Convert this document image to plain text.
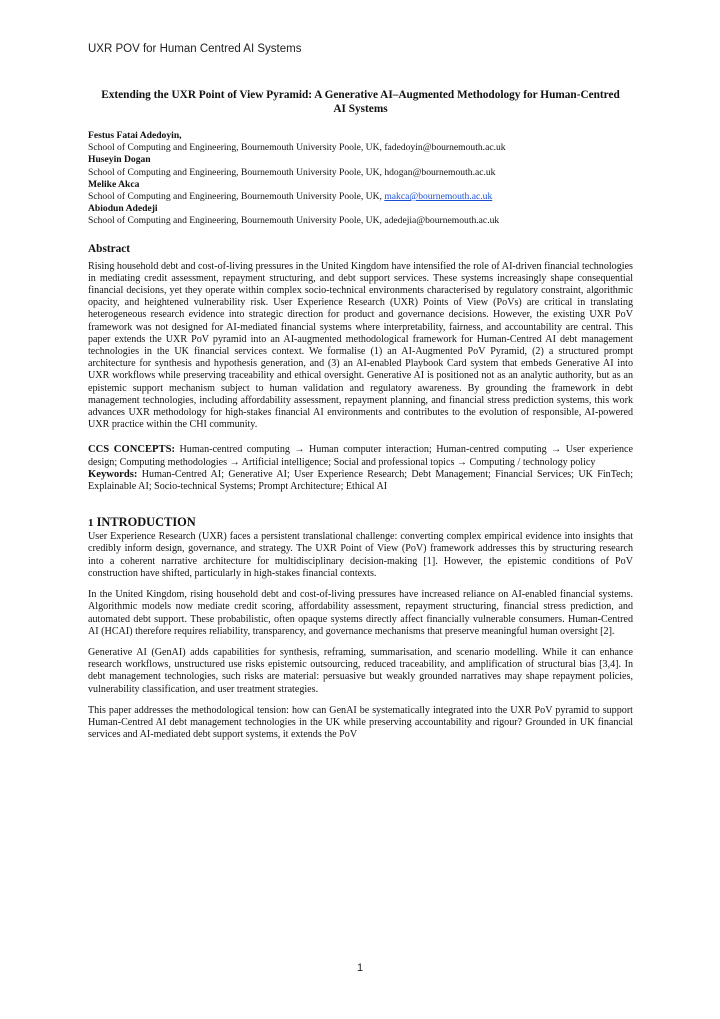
UXR POV for Human Centred AI Systems
Extending the UXR Point of View Pyramid: A Generative AI–Augmented Methodology for Human-Centred AI Systems
Festus Fatai Adedoyin,
School of Computing and Engineering, Bournemouth University Poole, UK, fadedoyin@bournemouth.ac.uk
Huseyin Dogan
School of Computing and Engineering, Bournemouth University Poole, UK, hdogan@bournemouth.ac.uk
Melike Akca
School of Computing and Engineering, Bournemouth University Poole, UK, makca@bournemouth.ac.uk
Abiodun Adedeji
School of Computing and Engineering, Bournemouth University Poole, UK, adedejia@bournemouth.ac.uk
Abstract

Rising household debt and cost-of-living pressures in the United Kingdom have intensified the role of AI-driven financial technologies in mediating credit assessment, repayment structuring, and debt support services. These systems increasingly shape consequential financial decisions, yet they operate within complex socio-technical environments characterised by regulatory constraint, algorithmic opacity, and heightened vulnerability risk. User Experience Research (UXR) Points of View (PoVs) are critical in translating heterogeneous research evidence into strategic direction for product and governance decisions. However, the existing UXR PoV framework was not designed for AI-mediated financial systems where interpretability, fairness, and accountability are central. This paper extends the UXR PoV pyramid into an AI-augmented methodological framework for Human-Centred AI debt management technologies in the UK financial services context. We formalise (1) an AI-Augmented PoV Pyramid, (2) a structured prompt architecture for synthesis and hypothesis generation, and (3) an AI-enabled Playbook Card system that embeds Generative AI into UXR workflows while preserving traceability and ethical oversight. Generative AI is positioned not as an analytic authority, but as an epistemic support mechanism subject to human validation and regulatory awareness. By grounding the framework in debt management technologies, including affordability assessment, repayment planning, and financial stress prediction systems, this work advances UXR methodology for high-stakes financial AI environments and contributes to the evolution of responsible, AI-powered UXR practice within the CHI community.

CCS CONCEPTS: Human-centred computing → Human computer interaction; Human-centred computing → User experience design; Computing methodologies → Artificial intelligence; Social and professional topics → Computing / technology policy

Keywords: Human-Centred AI; Generative AI; User Experience Research; Debt Management; Financial Services; UK FinTech; Explainable AI; Socio-technical Systems; Prompt Architecture; Ethical AI

1 INTRODUCTION

User Experience Research (UXR) faces a persistent translational challenge: converting complex empirical evidence into insights that credibly inform design, governance, and strategy. The UXR Point of View (PoV) framework addresses this by structuring research into a coherent narrative architecture for multidisciplinary decision-making [1]. However, the epistemic conditions of PoV construction have shifted, particularly in high-stakes financial contexts.

In the United Kingdom, rising household debt and cost-of-living pressures have increased reliance on AI-enabled financial systems. Algorithmic models now mediate credit scoring, affordability assessment, repayment structuring, financial stress prediction, and automated debt support. These probabilistic, often opaque systems directly affect financially vulnerable consumers. Human-Centred AI (HCAI) therefore requires reliability, transparency, and governance mechanisms that preserve meaningful human oversight [2].

Generative AI (GenAI) adds capabilities for synthesis, reframing, summarisation, and scenario modelling. While it can enhance research workflows, unstructured use risks epistemic outsourcing, reduced traceability, and amplification of structural bias [3,4]. In debt management technologies, such risks are material: persuasive but weakly grounded narratives may shape repayment policies, vulnerability classification, and user treatment strategies.

This paper addresses the methodological tension: how can GenAI be systematically integrated into the UXR PoV pyramid to support Human-Centred AI debt management technologies in the UK while preserving accountability and rigour? Grounded in UK financial services and AI-mediated debt support systems, it extends the PoV

1
